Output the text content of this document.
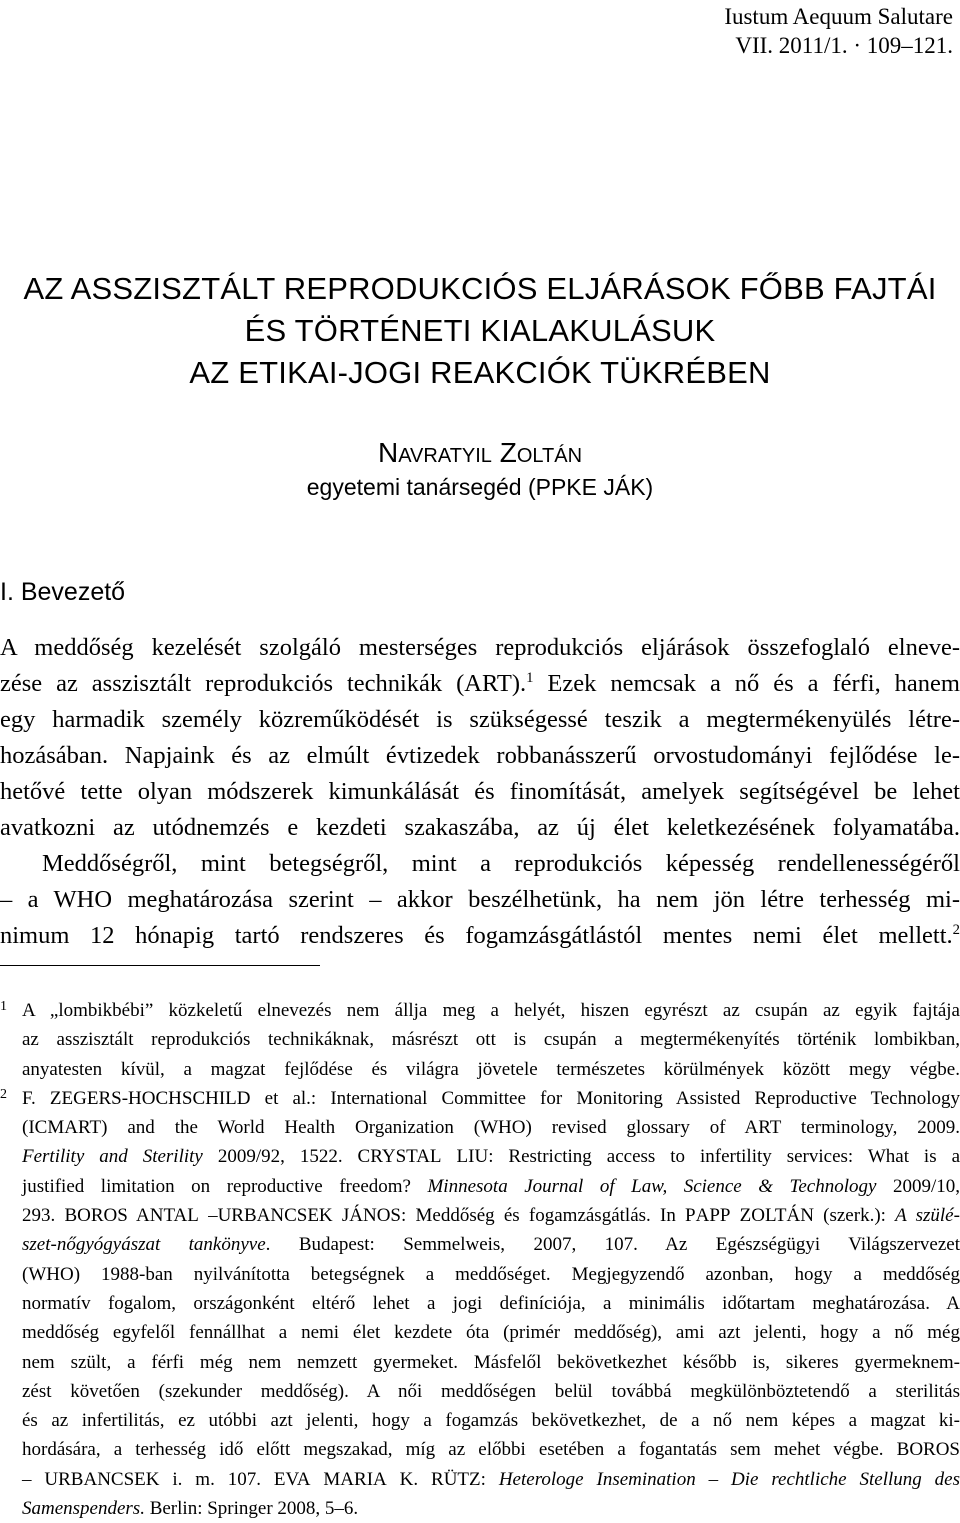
Iustum Aequum Salutare
VII. 2011/1. · 109–121.
AZ ASSZISZTÁLT REPRODUKCIÓS ELJÁRÁSOK FŐBB FAJTÁI
ÉS TÖRTÉNETI KIALAKULÁSUK
AZ ETIKAI-JOGI REAKCIÓK TÜKRÉBEN
NAVRATYIL ZOLTÁN
egyetemi tanársegéd (PPKE JÁK)
I. Bevezető
A meddőség kezelését szolgáló mesterséges reprodukciós eljárások összefoglaló elneve-
zése az asszisztált reprodukciós technikák (ART).$^1$ Ezek nemcsak a nő és a férfi, hanem
egy harmadik személy közreműködését is szükségessé teszik a megtermékenyülés létre-
hozásában. Napjaink és az elmúlt évtizedek robbanásszerű orvostudományi fejlődése le-
hetővé tette olyan módszerek kimunkálását és finomítását, amelyek segítségével be lehet
avatkozni az utódnemzés e kezdeti szakaszába, az új élet keletkezésének folyamatába.
Meddőségről, mint betegségről, mint a reprodukciós képesség rendellenességéről
– a WHO meghatározása szerint – akkor beszélhetünk, ha nem jön létre terhesség mi-
nimum 12 hónapig tartó rendszeres és fogamzásgátlástól mentes nemi élet mellett.$^2$
1 A „lombikbébi” közkeletű elnevezés nem állja meg a helyét, hiszen egyrészt az csupán az egyik fajtája
az asszisztált reprodukciós technikáknak, másrészt ott is csupán a megtermékenyítés történik lombikban,
anyatesten kívül, a magzat fejlődése és világra jövetele természetes körülmények között megy végbe.
2 F. ZEGERS-HOCHSCHILD et al.: International Committee for Monitoring Assisted Reproductive Technology
(ICMART) and the World Health Organization (WHO) revised glossary of ART terminology, 2009.
Fertility and Sterility 2009/92, 1522. CRYSTAL LIU: Restricting access to infertility services: What is a
justified limitation on reproductive freedom? Minnesota Journal of Law, Science & Technology 2009/10,
293. BOROS ANTAL –URBANCSEK JÁNOS: Meddőség és fogamzásgátlás. In PAPP ZOLTÁN (szerk.): A szülé-
szet-nőgyógyászat tankönyve. Budapest: Semmelweis, 2007, 107. Az Egészségügyi Világszervezet
(WHO) 1988-ban nyilvánította betegségnek a meddőséget. Megjegyzendő azonban, hogy a meddőség
normatív fogalom, országonként eltérő lehet a jogi definíciója, a minimális időtartam meghatározása. A
meddőség egyfelől fennállhat a nemi élet kezdete óta (primér meddőség), ami azt jelenti, hogy a nő még
nem szült, a férfi még nem nemzett gyermeket. Másfelől bekövetkezhet később is, sikeres gyermeknem-
zést követően (szekunder meddőség). A női meddőségen belül továbbá megkülönböztetendő a sterilitás
és az infertilitás, ez utóbbi azt jelenti, hogy a fogamzás bekövetkezhet, de a nő nem képes a magzat ki-
hordására, a terhesség idő előtt megszakad, míg az előbbi esetében a fogantatás sem mehet végbe. BOROS
– URBANCSEK i. m. 107. EVA MARIA K. RÜTZ: Heterologe Insemination – Die rechtliche Stellung des
Samenspenders. Berlin: Springer 2008, 5–6.
